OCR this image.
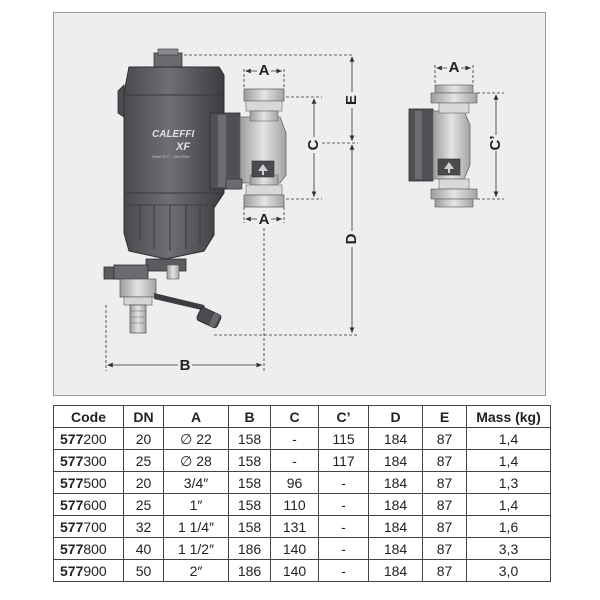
CALEFFI
XF
Serie 577 – Dirt Filter
A
A
C
E
D
B
A
C’
Code	DN	A	B	C	C’	D	E	Mass (kg)
577200	20	∅ 22	158	-	115	184	87	1,4
577300	25	∅ 28	158	-	117	184	87	1,4
577500	20	3/4″	158	96	-	184	87	1,3
577600	25	1″	158	110	-	184	87	1,4
577700	32	1 1/4″	158	131	-	184	87	1,6
577800	40	1 1/2″	186	140	-	184	87	3,3
577900	50	2″	186	140	-	184	87	3,0
